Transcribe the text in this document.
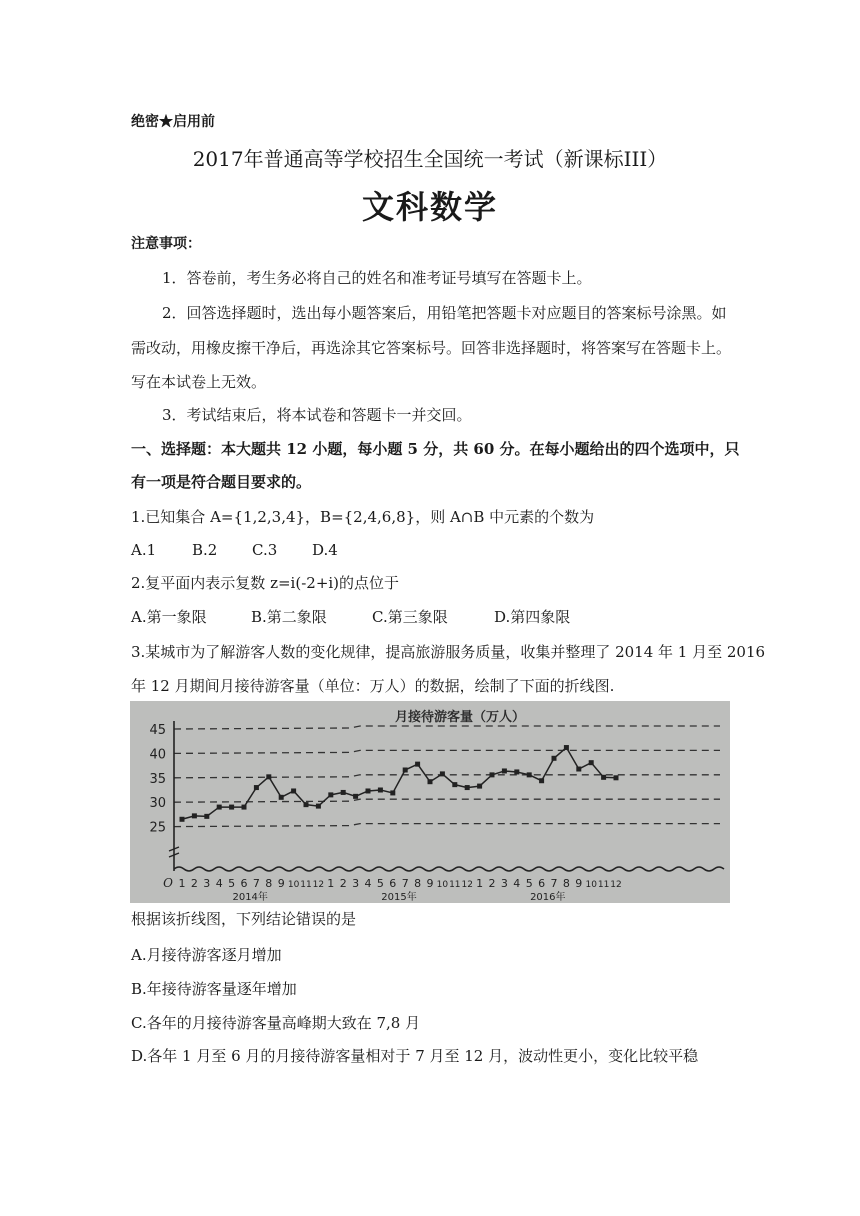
绝密★启用前
2017年普通高等学校招生全国统一考试（新课标III）
文科数学
注意事项：
1．答卷前，考生务必将自己的姓名和准考证号填写在答题卡上。
2．回答选择题时，选出每小题答案后，用铅笔把答题卡对应题目的答案标号涂黑。如
需改动，用橡皮擦干净后，再选涂其它答案标号。回答非选择题时，将答案写在答题卡上。
写在本试卷上无效。
3．考试结束后，将本试卷和答题卡一并交回。
一、选择题：本大题共 12 小题，每小题 5 分，共 60 分。在每小题给出的四个选项中，只
有一项是符合题目要求的。
1.已知集合 A={1,2,3,4}，B={2,4,6,8}，则 A∩B 中元素的个数为
A.1	B.2	C.3	D.4
2.复平面内表示复数 z=i(-2+i)的点位于
A.第一象限	B.第二象限	C.第三象限	D.第四象限
3.某城市为了解游客人数的变化规律，提高旅游服务质量，收集并整理了 2014 年 1 月至 2016
年 12 月期间月接待游客量（单位：万人）的数据，绘制了下面的折线图.
月接待游客量（万人）
25
30
35
40
45
O 1 2 3 4 5 6 7 8 9 10 11 12 1 2 3 4 5 6 7 8 9 10 11 12 1 2 3 4 5 6 7 8 9 10 11 12
2014年	2015年	2016年
根据该折线图，下列结论错误的是
A.月接待游客逐月增加
B.年接待游客量逐年增加
C.各年的月接待游客量高峰期大致在 7,8 月
D.各年 1 月至 6 月的月接待游客量相对于 7 月至 12 月，波动性更小，变化比较平稳
